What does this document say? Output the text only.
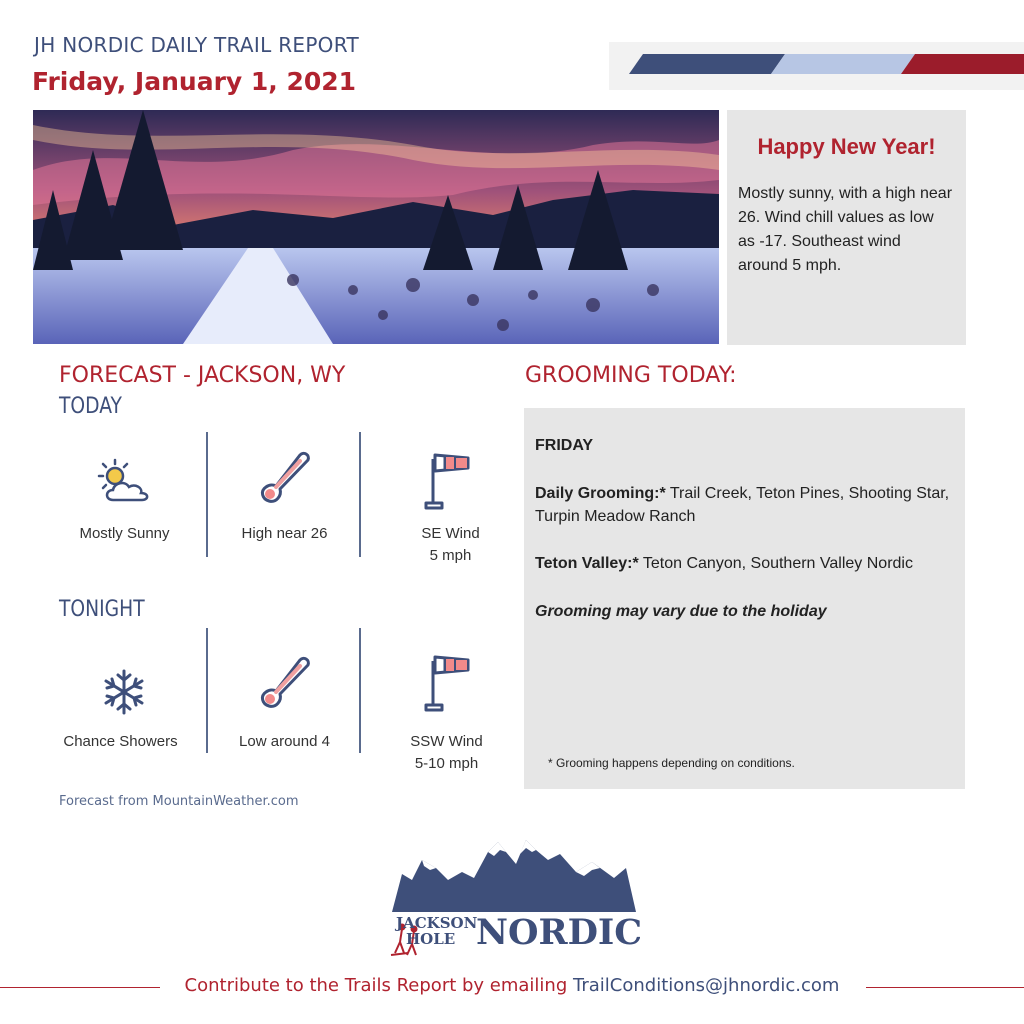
JH NORDIC DAILY TRAIL REPORT
Friday, January 1, 2021
Happy New Year!
Mostly sunny, with a high near 26. Wind chill values as low as -17. Southeast wind around 5 mph.
FORECAST - JACKSON, WY
TODAY
Mostly Sunny	High near 26	SE Wind
5 mph
TONIGHT
Chance Showers	Low around 4	SSW Wind
5-10 mph
Forecast from MountainWeather.com
GROOMING TODAY:

FRIDAY

Daily Grooming:* Trail Creek, Teton Pines, Shooting Star, Turpin Meadow Ranch

Teton Valley:* Teton Canyon, Southern Valley Nordic

Grooming may vary due to the holiday

* Grooming happens depending on conditions.

JACKSON
HOLE NORDIC
Contribute to the Trails Report by emailing TrailConditions@jhnordic.com
